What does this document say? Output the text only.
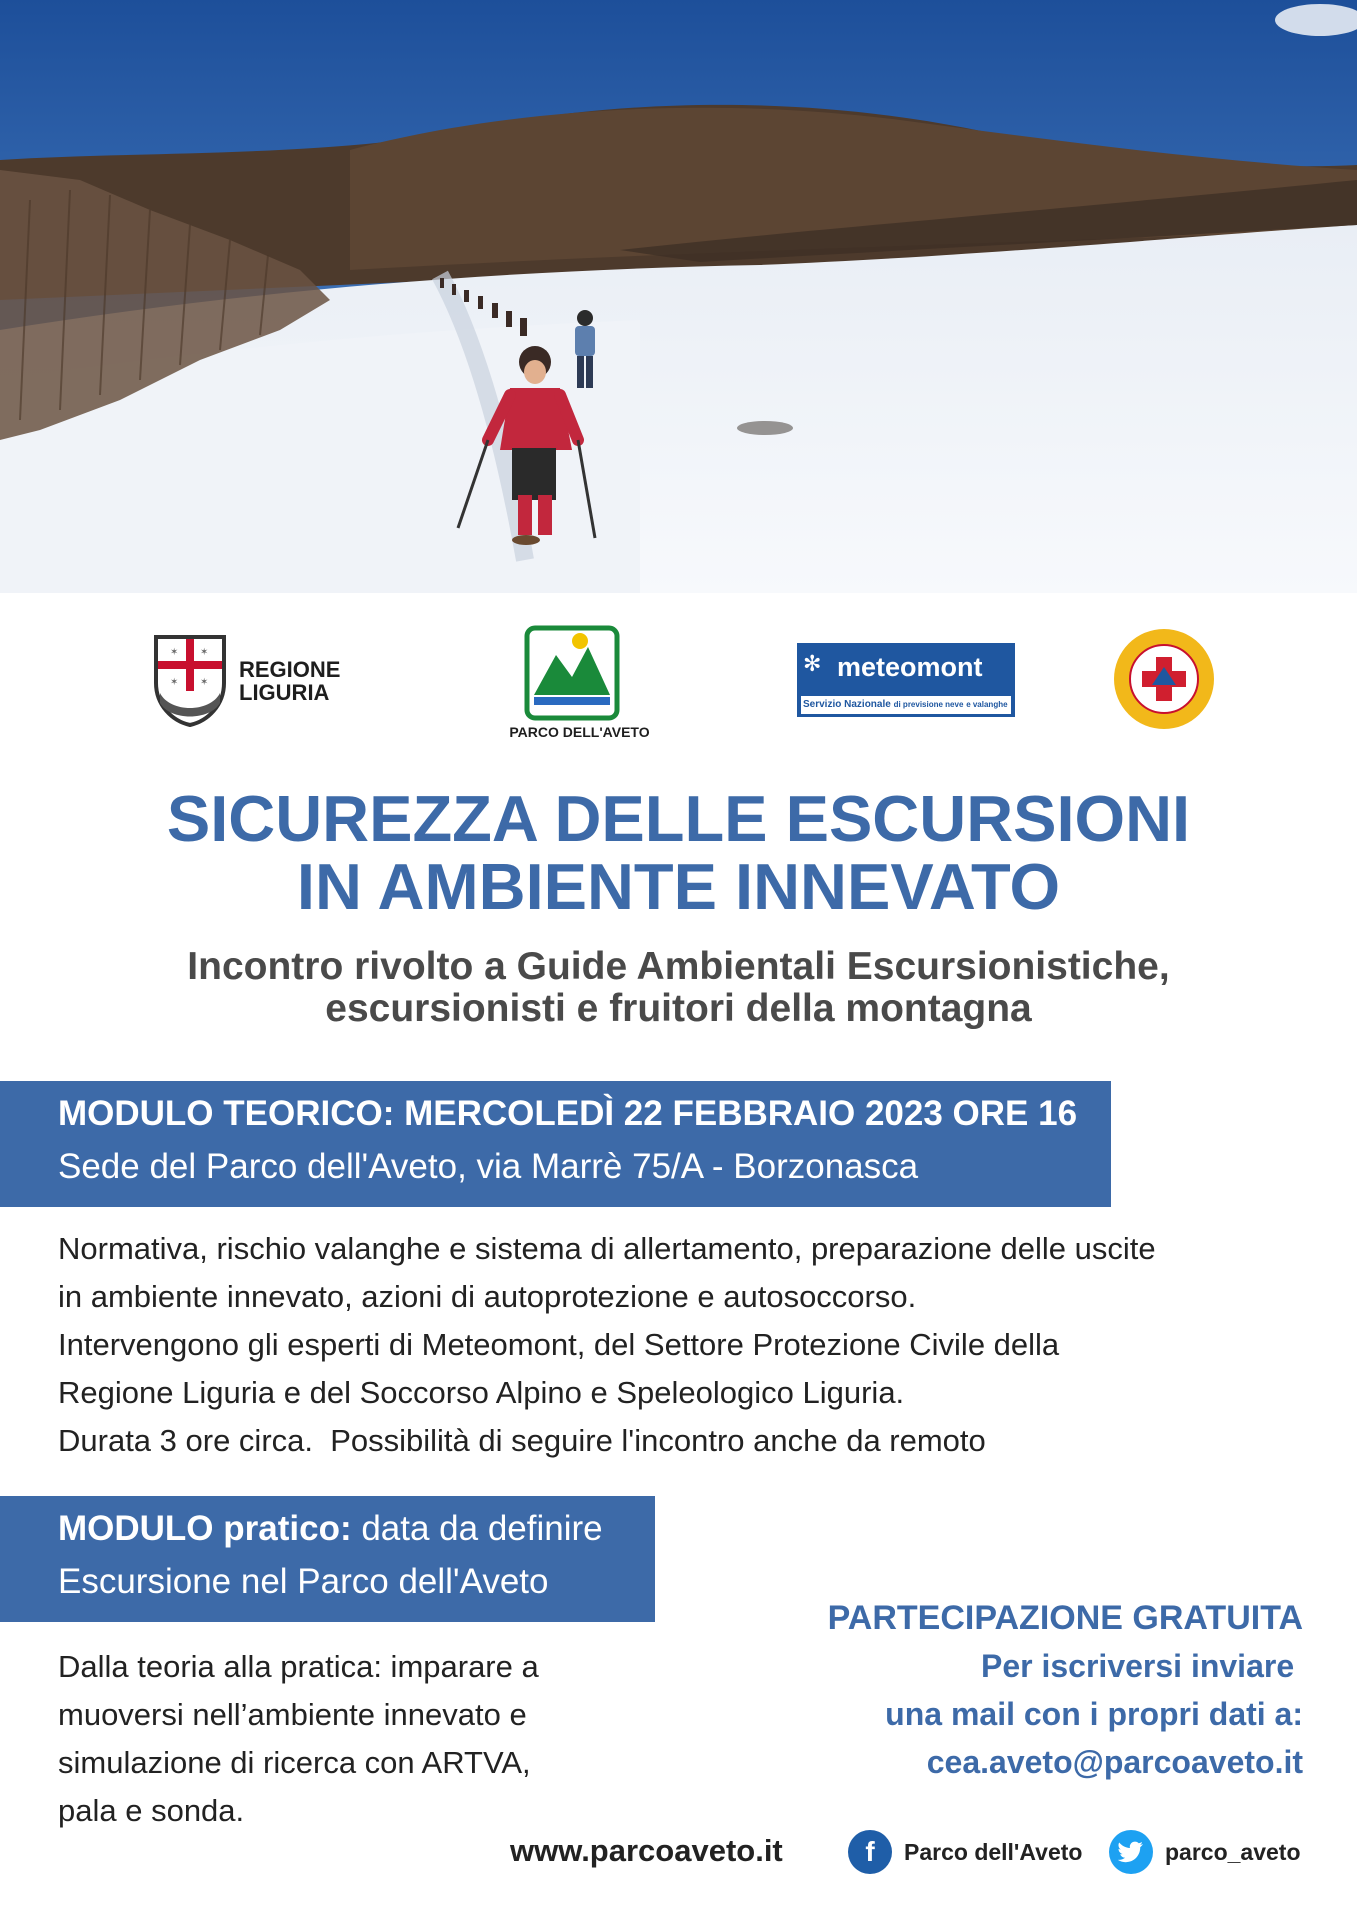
✶ ✶
✶ ✶
REGIONE
LIGURIA
PARCO DELL'AVETO
✻ meteomont
Servizio Nazionale di previsione neve e valanghe
SICUREZZA DELLE ESCURSIONI
IN AMBIENTE INNEVATO
Incontro rivolto a Guide Ambientali Escursionistiche,
escursionisti e fruitori della montagna
MODULO TEORICO: MERCOLEDÌ 22 FEBBRAIO 2023 ORE 16
Sede del Parco dell'Aveto, via Marrè 75/A - Borzonasca
Normativa, rischio valanghe e sistema di allertamento, preparazione delle uscite
in ambiente innevato, azioni di autoprotezione e autosoccorso.
Intervengono gli esperti di Meteomont, del Settore Protezione Civile della
Regione Liguria e del Soccorso Alpino e Speleologico Liguria.
Durata 3 ore circa.  Possibilità di seguire l'incontro anche da remoto
MODULO pratico: data da definire
Escursione nel Parco dell'Aveto
Dalla teoria alla pratica: imparare a
muoversi nell’ambiente innevato e
simulazione di ricerca con ARTVA,
pala e sonda.
PARTECIPAZIONE GRATUITA
Per iscriversi inviare
una mail con i propri dati a:
cea.aveto@parcoaveto.it
www.parcoaveto.it	f Parco dell'Aveto	parco_aveto
